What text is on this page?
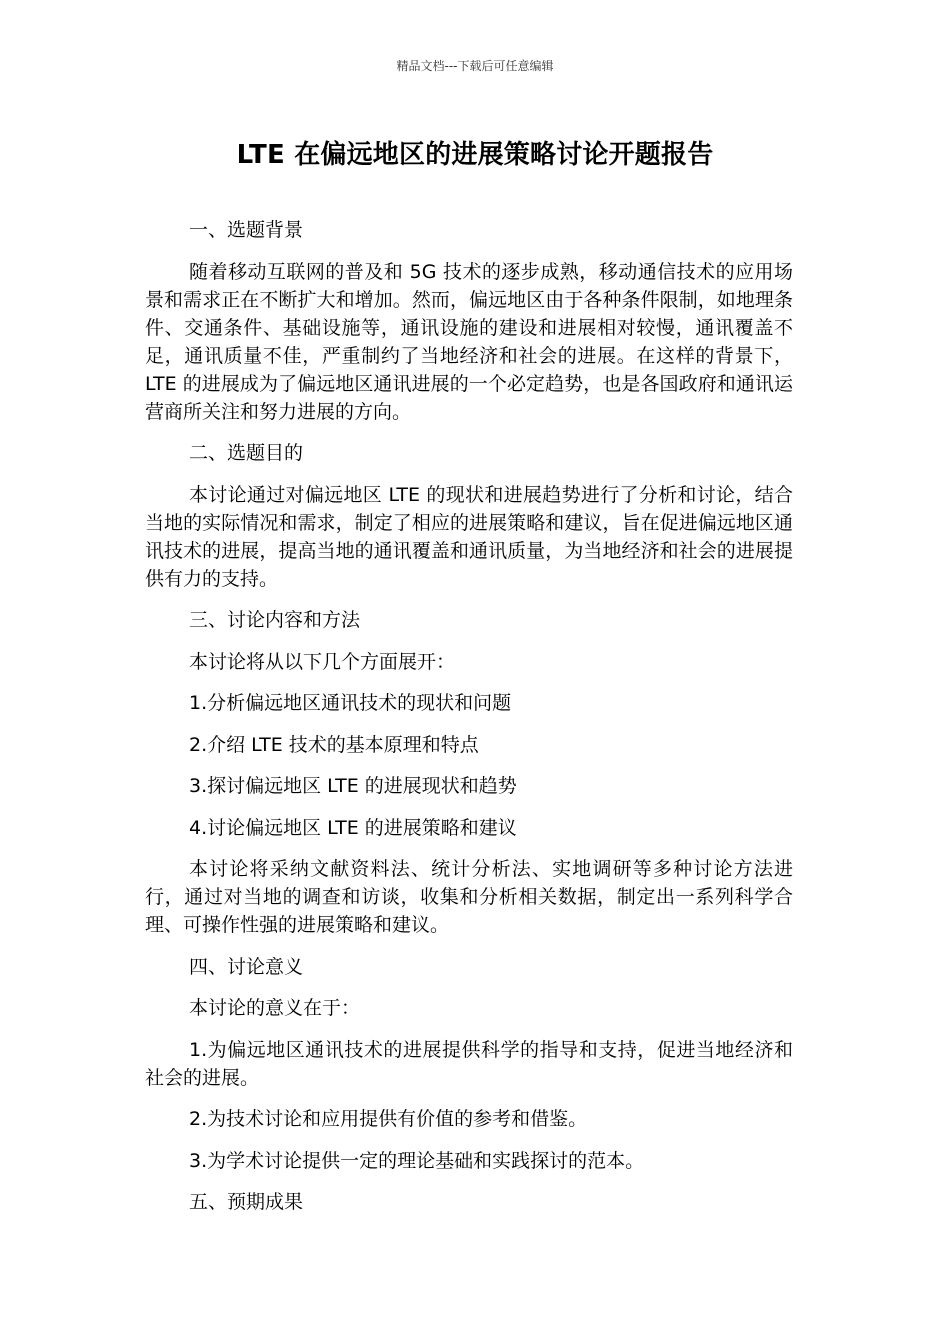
精品文档---下载后可任意编辑
LTE 在偏远地区的进展策略讨论开题报告
一、选题背景
随着移动互联网的普及和 5G 技术的逐步成熟，移动通信技术的应用场景和需求正在不断扩大和增加。然而，偏远地区由于各种条件限制，如地理条件、交通条件、基础设施等，通讯设施的建设和进展相对较慢，通讯覆盖不足，通讯质量不佳，严重制约了当地经济和社会的进展。在这样的背景下，LTE 的进展成为了偏远地区通讯进展的一个必定趋势，也是各国政府和通讯运营商所关注和努力进展的方向。
二、选题目的
本讨论通过对偏远地区 LTE 的现状和进展趋势进行了分析和讨论，结合当地的实际情况和需求，制定了相应的进展策略和建议，旨在促进偏远地区通讯技术的进展，提高当地的通讯覆盖和通讯质量，为当地经济和社会的进展提供有力的支持。
三、讨论内容和方法
本讨论将从以下几个方面展开：
1.分析偏远地区通讯技术的现状和问题
2.介绍 LTE 技术的基本原理和特点
3.探讨偏远地区 LTE 的进展现状和趋势
4.讨论偏远地区 LTE 的进展策略和建议
本讨论将采纳文献资料法、统计分析法、实地调研等多种讨论方法进行，通过对当地的调查和访谈，收集和分析相关数据，制定出一系列科学合理、可操作性强的进展策略和建议。
四、讨论意义
本讨论的意义在于：
1.为偏远地区通讯技术的进展提供科学的指导和支持，促进当地经济和社会的进展。
2.为技术讨论和应用提供有价值的参考和借鉴。
3.为学术讨论提供一定的理论基础和实践探讨的范本。
五、预期成果
